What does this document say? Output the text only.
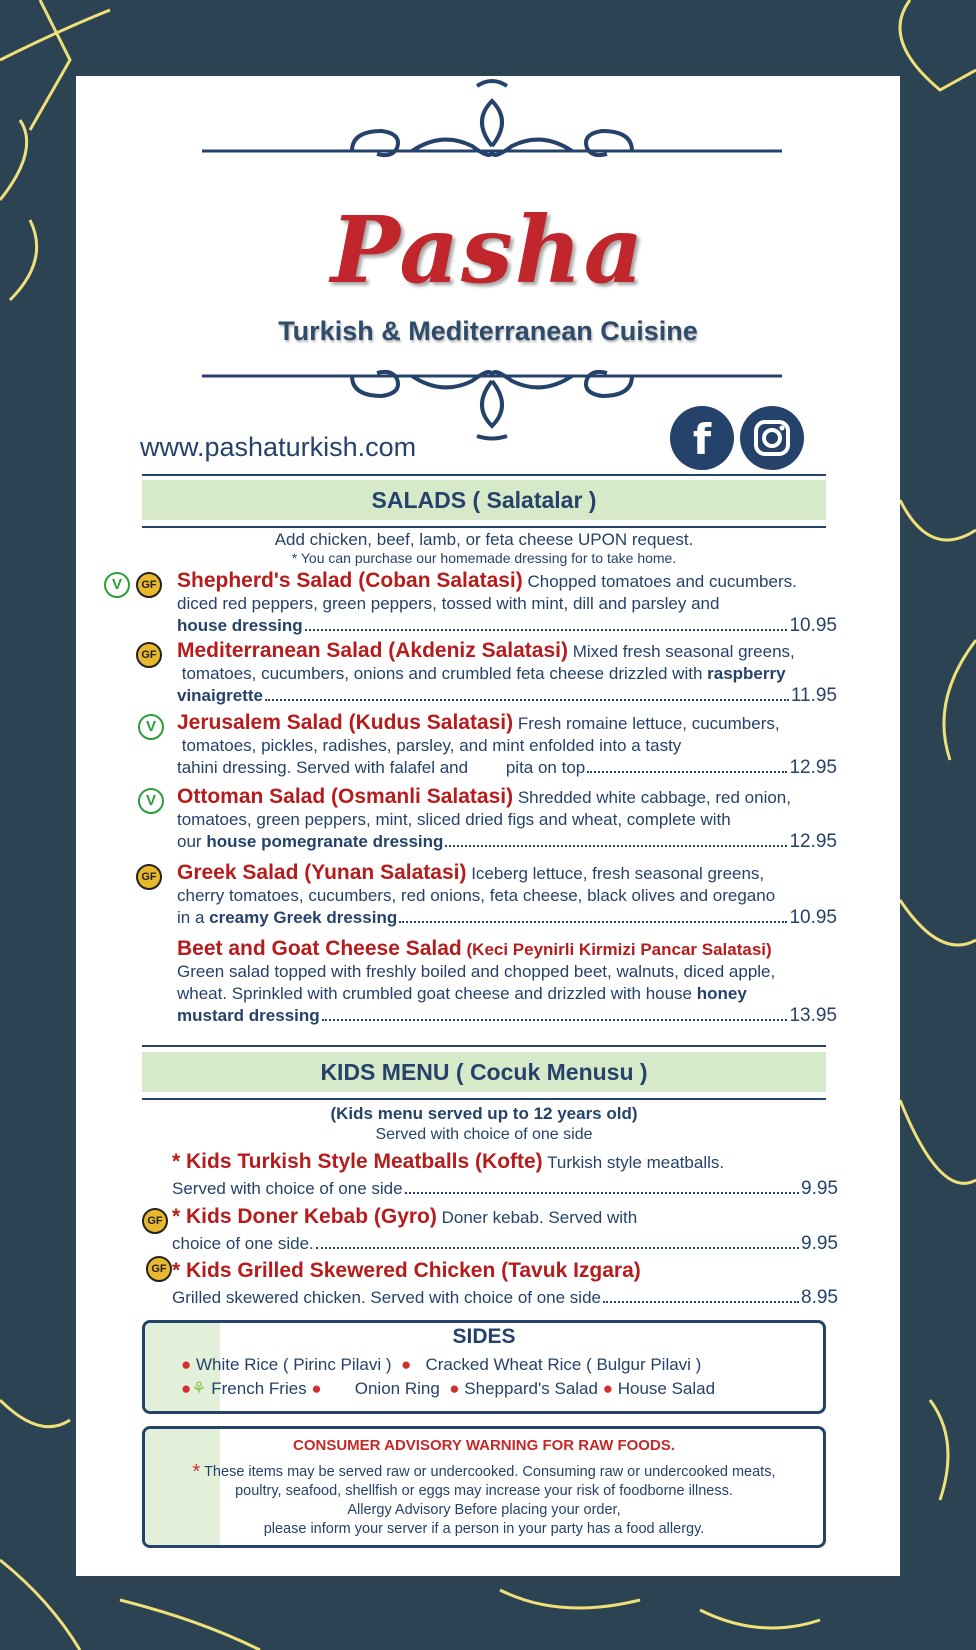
Pasha
Turkish & Mediterranean Cuisine
www.pashaturkish.com	f
SALADS ( Salatalar )
Add chicken, beef, lamb, or feta cheese UPON request.
* You can purchase our homemade dressing for to take home.
V	GF Shepherd's Salad (Coban Salatasi) Chopped tomatoes and cucumbers.
diced red peppers, green peppers, tossed with mint, dill and parsley and
house dressing	10.95
GF Mediterranean Salad (Akdeniz Salatasi) Mixed fresh seasonal greens,
tomatoes, cucumbers, onions and crumbled feta cheese drizzled with raspberry
vinaigrette	11.95
V	Jerusalem Salad (Kudus Salatasi) Fresh romaine lettuce, cucumbers,
tomatoes, pickles, radishes, parsley, and mint enfolded into a tasty
tahini dressing. Served with falafel and        pita on top	12.95
V	Ottoman Salad (Osmanli Salatasi) Shredded white cabbage, red onion,
tomatoes, green peppers, mint, sliced dried figs and wheat, complete with
our
house pomegranate dressing	12.95
GF Greek Salad (Yunan Salatasi) Iceberg lettuce, fresh seasonal greens,
cherry tomatoes, cucumbers, red onions, feta cheese, black olives and oregano
in a
creamy Greek dressing	10.95
Beet and Goat Cheese Salad (Keci Peynirli Kirmizi Pancar Salatasi)
Green salad topped with freshly boiled and chopped beet, walnuts, diced apple,
wheat. Sprinkled with crumbled goat cheese and drizzled with house honey
mustard dressing	13.95
KIDS MENU ( Cocuk Menusu )
(Kids menu served up to 12 years old)
Served with choice of one side
* Kids Turkish Style Meatballs (Kofte) Turkish style meatballs.
Served with choice of one side	9.95
GF * Kids Doner Kebab (Gyro) Doner kebab. Served with
choice of one side.	9.95
GF * Kids Grilled Skewered Chicken (Tavuk Izgara)
Grilled skewered chicken. Served with choice of one side	8.95
SIDES
● White Rice ( Pirinc Pilavi )  ●   Cracked Wheat Rice ( Bulgur Pilavi )
●⚘ French Fries ● Onion Ring ● Sheppard's Salad ● House Salad
CONSUMER ADVISORY WARNING FOR RAW FOODS.
* These items may be served raw or undercooked. Consuming raw or undercooked meats,
poultry, seafood, shellfish or eggs may increase your risk of foodborne illness.
Allergy Advisory Before placing your order,
please inform your server if a person in your party has a food allergy.
